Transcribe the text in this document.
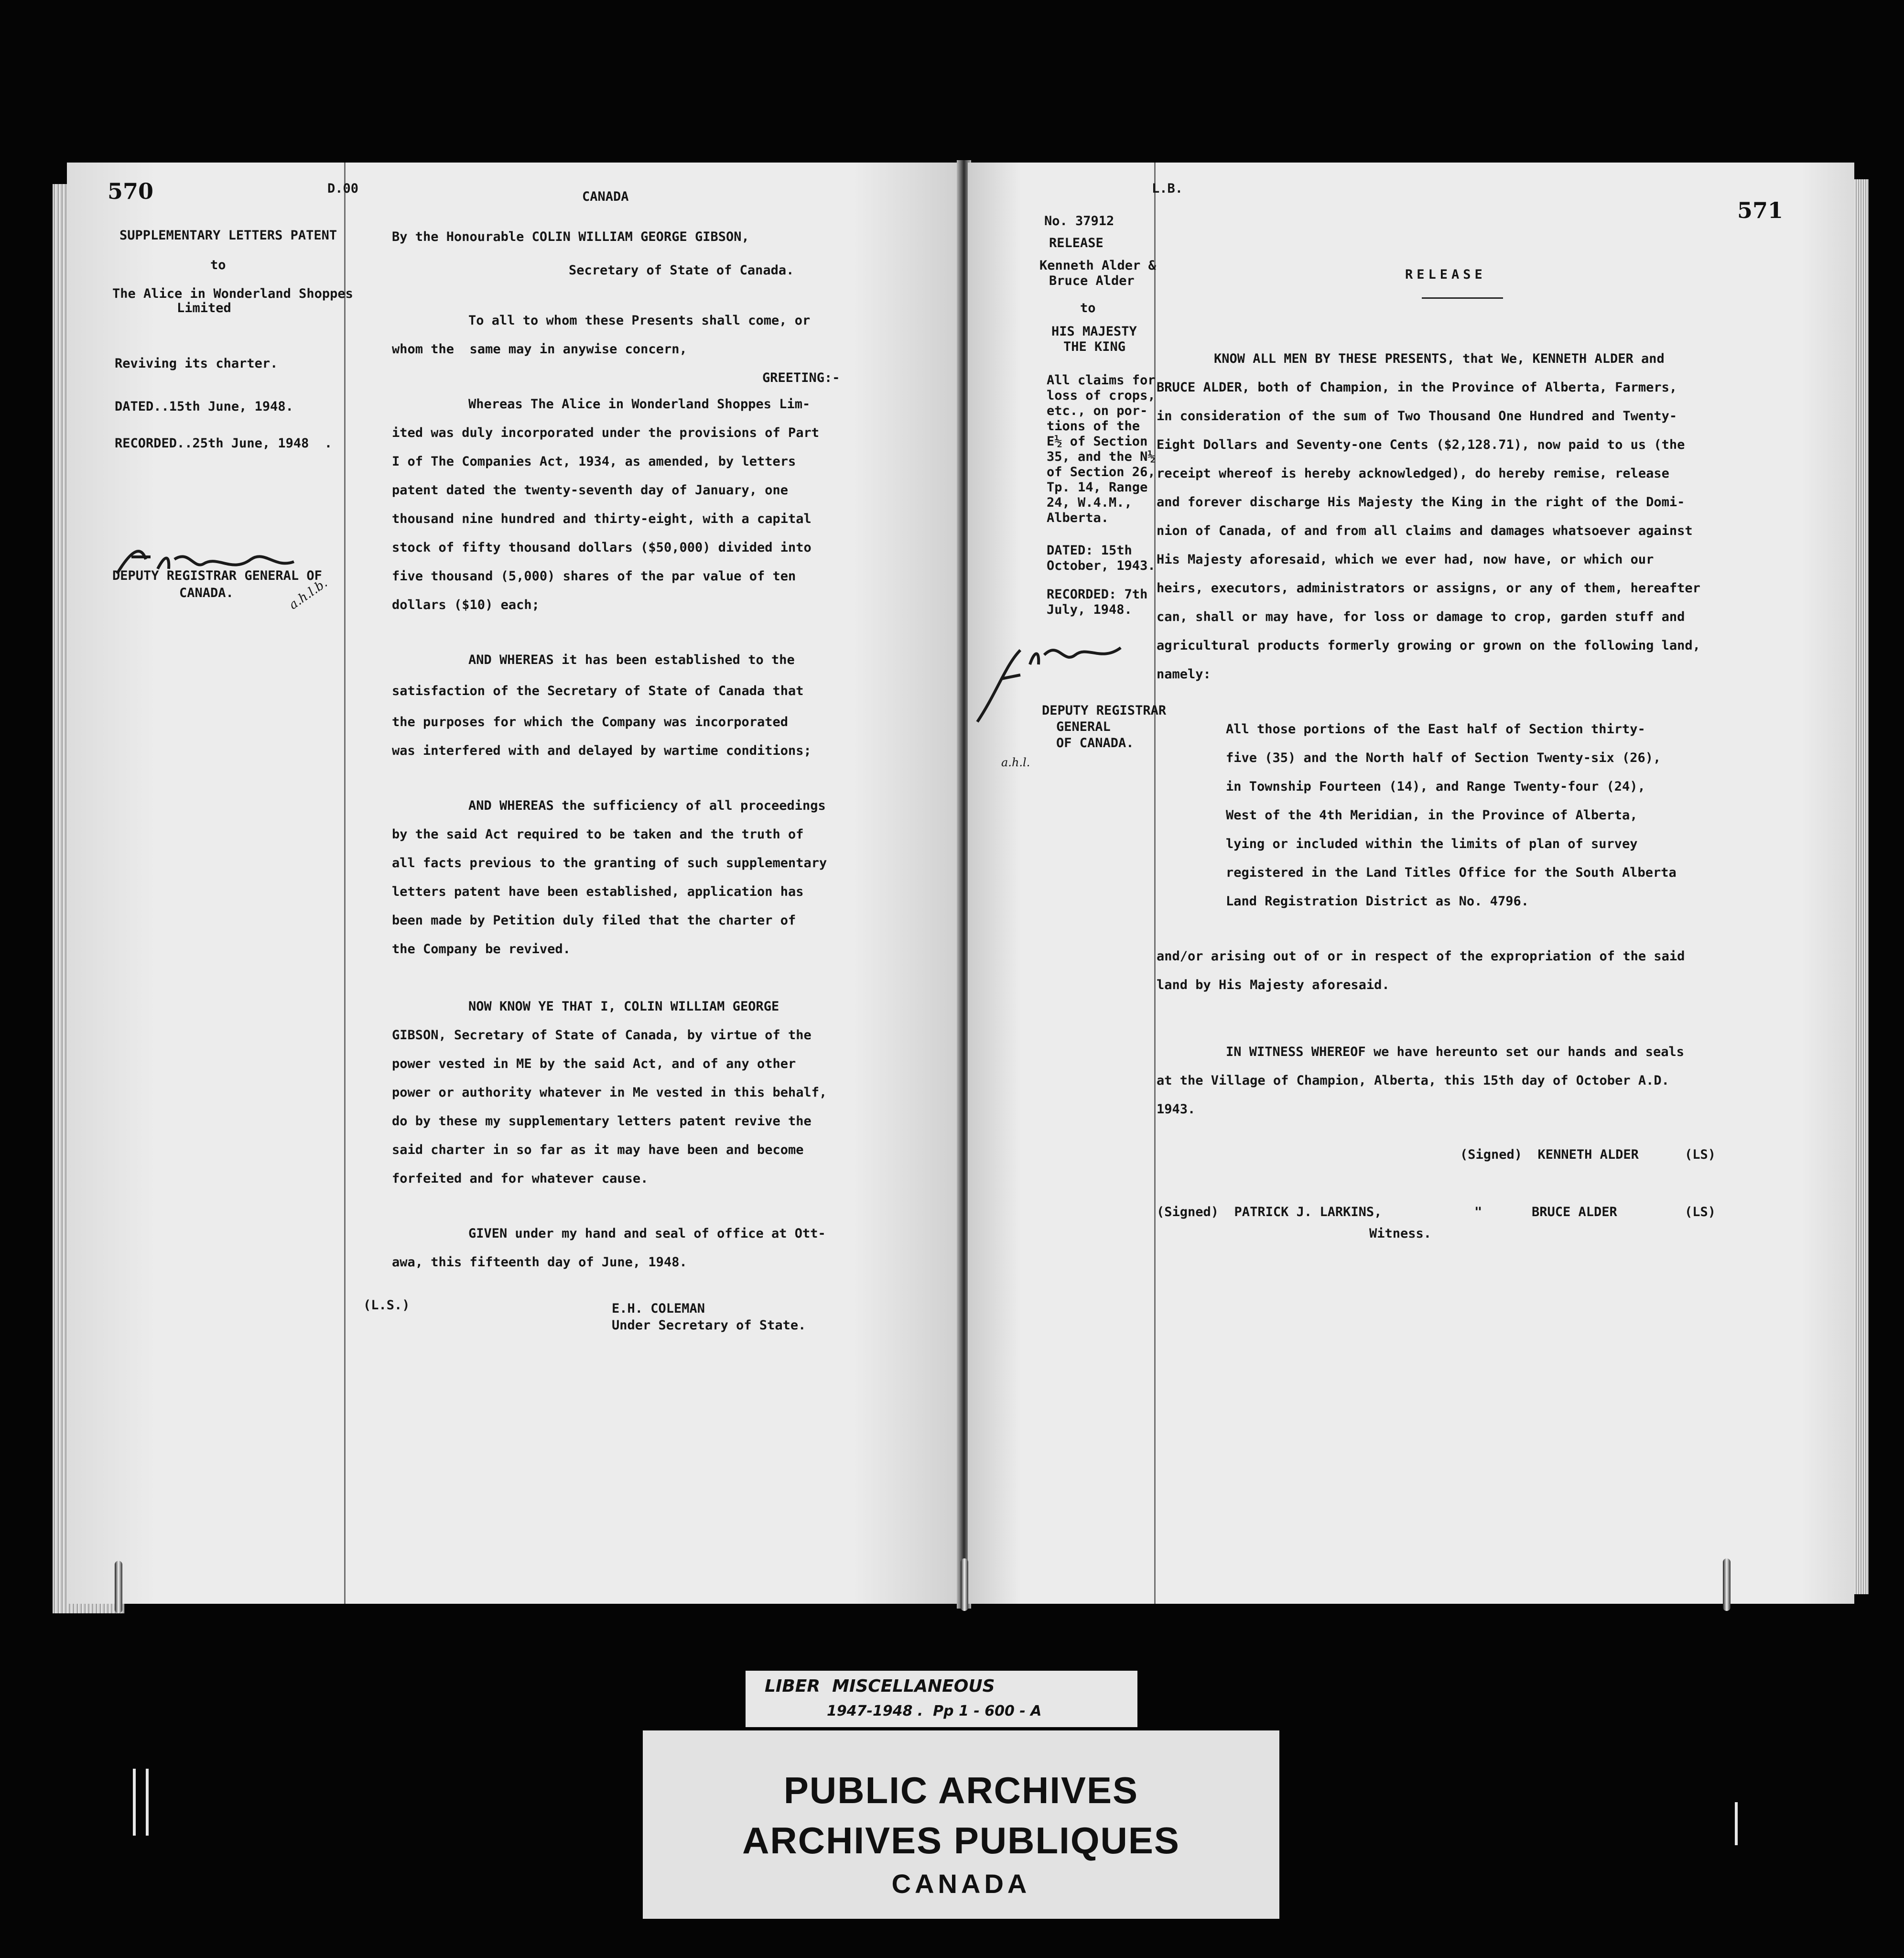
570	D.00
CANADA
SUPPLEMENTARY LETTERS PATENT
to
The Alice in Wonderland Shoppes
Limited
Reviving its charter.
DATED..15th June, 1948.
RECORDED..25th June, 1948  .
DEPUTY REGISTRAR GENERAL OF
CANADA.	a.h.l.b.
By the Honourable COLIN WILLIAM GEORGE GIBSON,
Secretary of State of Canada.
To all to whom these Presents shall come, or
whom the  same may in anywise concern,
GREETING:-
Whereas The Alice in Wonderland Shoppes Lim-
ited was duly incorporated under the provisions of Part
I of The Companies Act, 1934, as amended, by letters
patent dated the twenty-seventh day of January, one
thousand nine hundred and thirty-eight, with a capital
stock of fifty thousand dollars ($50,000) divided into
five thousand (5,000) shares of the par value of ten
dollars ($10) each;
AND WHEREAS it has been established to the
satisfaction of the Secretary of State of Canada that
the purposes for which the Company was incorporated
was interfered with and delayed by wartime conditions;
AND WHEREAS the sufficiency of all proceedings
by the said Act required to be taken and the truth of
all facts previous to the granting of such supplementary
letters patent have been established, application has
been made by Petition duly filed that the charter of
the Company be revived.
NOW KNOW YE THAT I, COLIN WILLIAM GEORGE
GIBSON, Secretary of State of Canada, by virtue of the
power vested in ME by the said Act, and of any other
power or authority whatever in Me vested in this behalf,
do by these my supplementary letters patent revive the
said charter in so far as it may have been and become
forfeited and for whatever cause.
GIVEN under my hand and seal of office at Ott-
awa, this fifteenth day of June, 1948.
(L.S.)	E.H. COLEMAN
Under Secretary of State.
L.B.
571
RELEASE
No. 37912
RELEASE
Kenneth Alder &
Bruce Alder
to
HIS MAJESTY
THE KING
All claims for
loss of crops,
etc., on por-
tions of the
E½ of Section
35, and the N½
of Section 26,
Tp. 14, Range
24, W.4.M.,
Alberta.
DATED: 15th
October, 1943.
RECORDED: 7th
July, 1948.
DEPUTY REGISTRAR
GENERAL
OF CANADA.
a.h.l.
KNOW ALL MEN BY THESE PRESENTS, that We, KENNETH ALDER and
BRUCE ALDER, both of Champion, in the Province of Alberta, Farmers,
in consideration of the sum of Two Thousand One Hundred and Twenty-
Eight Dollars and Seventy-one Cents ($2,128.71), now paid to us (the
receipt whereof is hereby acknowledged), do hereby remise, release
and forever discharge His Majesty the King in the right of the Domi-
nion of Canada, of and from all claims and damages whatsoever against
His Majesty aforesaid, which we ever had, now have, or which our
heirs, executors, administrators or assigns, or any of them, hereafter
can, shall or may have, for loss or damage to crop, garden stuff and
agricultural products formerly growing or grown on the following land,
namely:
All those portions of the East half of Section thirty-
five (35) and the North half of Section Twenty-six (26),
in Township Fourteen (14), and Range Twenty-four (24),
West of the 4th Meridian, in the Province of Alberta,
lying or included within the limits of plan of survey
registered in the Land Titles Office for the South Alberta
Land Registration District as No. 4796.
and/or arising out of or in respect of the expropriation of the said
land by His Majesty aforesaid.
IN WITNESS WHEREOF we have hereunto set our hands and seals
at the Village of Champion, Alberta, this 15th day of October A.D.
1943.
(Signed)  KENNETH ALDER	(LS)
(Signed)  PATRICK J. LARKINS,	"	BRUCE ALDER	(LS)
Witness.
LIBER  MISCELLANEOUS
1947-1948 .  Pp 1 - 600 - A
PUBLIC ARCHIVES
ARCHIVES PUBLIQUES
CANADA
